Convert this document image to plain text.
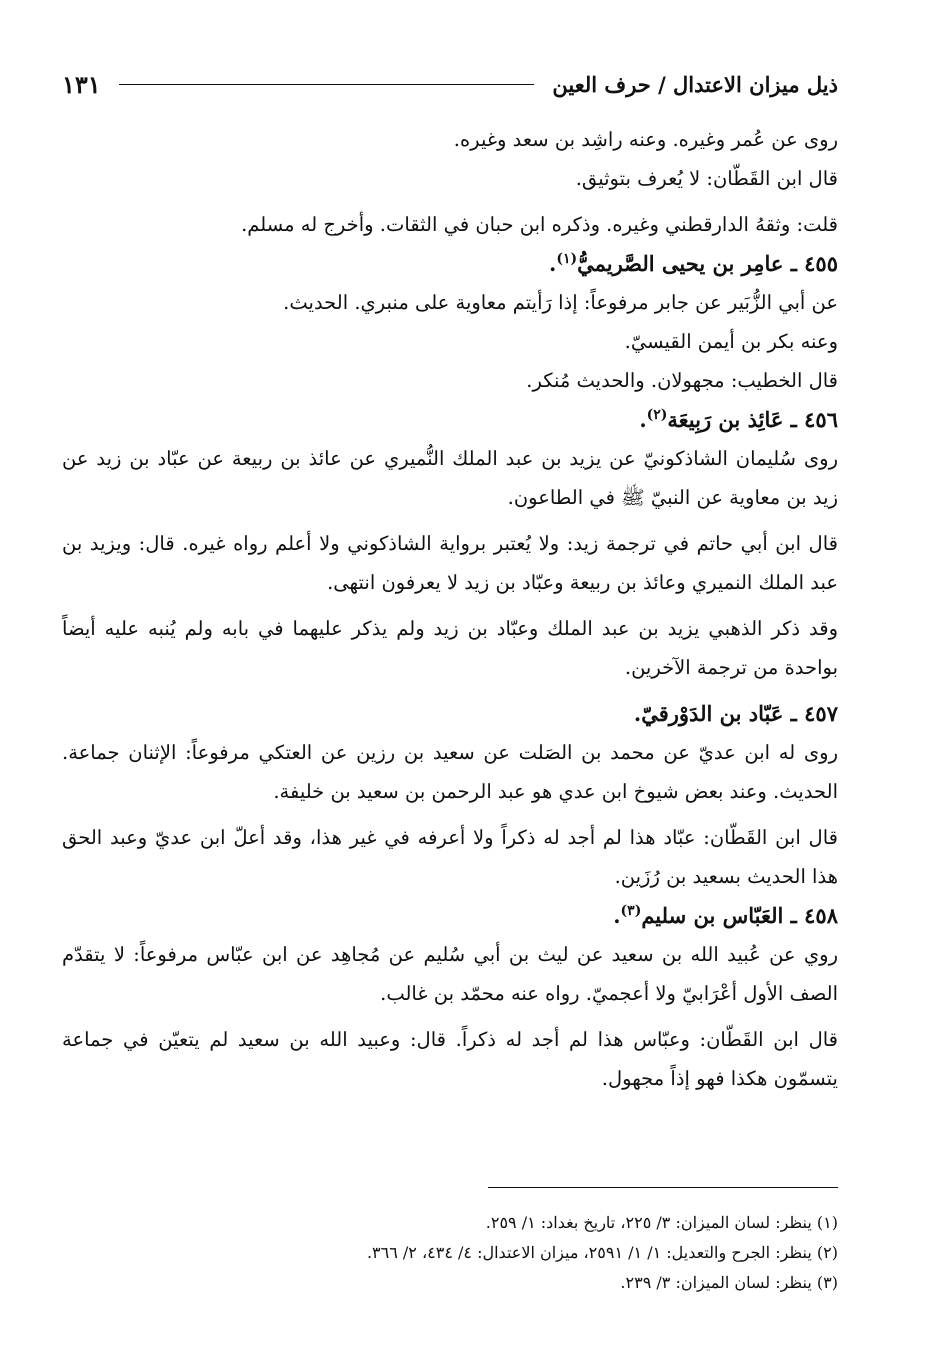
ذيل ميزان الاعتدال / حرف العين
١٣١

روى عن عُمر وغيره. وعنه راشِد بن سعد وغيره.

قال ابن القَطّان: لا يُعرف بتوثيق.

قلت: وثقهُ الدارقطني وغيره. وذكره ابن حبان في الثقات. وأخرج له مسلم.

٤٥٥ ـ عامِر بن يحيى الصَّريميُّ$^{(١)}$.

عن أبي الزُّبَير عن جابر مرفوعاً: إذا رَأيتم معاوية على منبري. الحديث.

وعنه بكر بن أيمن القيسيّ.

قال الخطيب: مجهولان. والحديث مُنكر.

٤٥٦ ـ عَائِذ بن رَبِيعَة$^{(٢)}$.

روى سُليمان الشاذكونيّ عن يزيد بن عبد الملك النُّميري عن عائذ بن ربيعة عن عبّاد بن زيد عن زيد بن معاوية عن النبيّ ﷺ في الطاعون.

قال ابن أبي حاتم في ترجمة زيد: ولا يُعتبر برواية الشاذكوني ولا أعلم رواه غيره. قال: ويزيد بن عبد الملك النميري وعائذ بن ربيعة وعبّاد بن زيد لا يعرفون انتهى.

وقد ذكر الذهبي يزيد بن عبد الملك وعبّاد بن زيد ولم يذكر عليهما في بابه ولم يُنبه عليه أيضاً بواحدة من ترجمة الآخرين.

٤٥٧ ـ عَبّاد بن الدَوْرقيّ.

روى له ابن عديّ عن محمد بن الصَلت عن سعيد بن رزين عن العتكي مرفوعاً: الإثنان جماعة. الحديث. وعند بعض شيوخ ابن عدي هو عبد الرحمن بن سعيد بن خليفة.

قال ابن القَطّان: عبّاد هذا لم أجد له ذكراً ولا أعرفه في غير هذا، وقد أعلّ ابن عديّ وعبد الحق هذا الحديث بسعيد بن رُزَين.

٤٥٨ ـ العَبّاس بن سليم$^{(٣)}$.

روي عن عُبيد الله بن سعيد عن ليث بن أبي سُليم عن مُجاهِد عن ابن عبّاس مرفوعاً: لا يتقدّم الصف الأول أعْرَابيّ ولا أعجميّ. رواه عنه محمّد بن غالب.

قال ابن القَطّان: وعبّاس هذا لم أجد له ذكراً. قال: وعبيد الله بن سعيد لم يتعيّن في جماعة يتسمّون هكذا فهو إذاً مجهول.

(١) ينظر: لسان الميزان: ٣/ ٢٢٥، تاريخ بغداد: ١/ ٢٥٩.

(٢) ينظر: الجرح والتعديل: ١/ ١/ ٢٥٩١، ميزان الاعتدال: ٤/ ٤٣٤، ٢/ ٣٦٦.

(٣) ينظر: لسان الميزان: ٣/ ٢٣٩.
